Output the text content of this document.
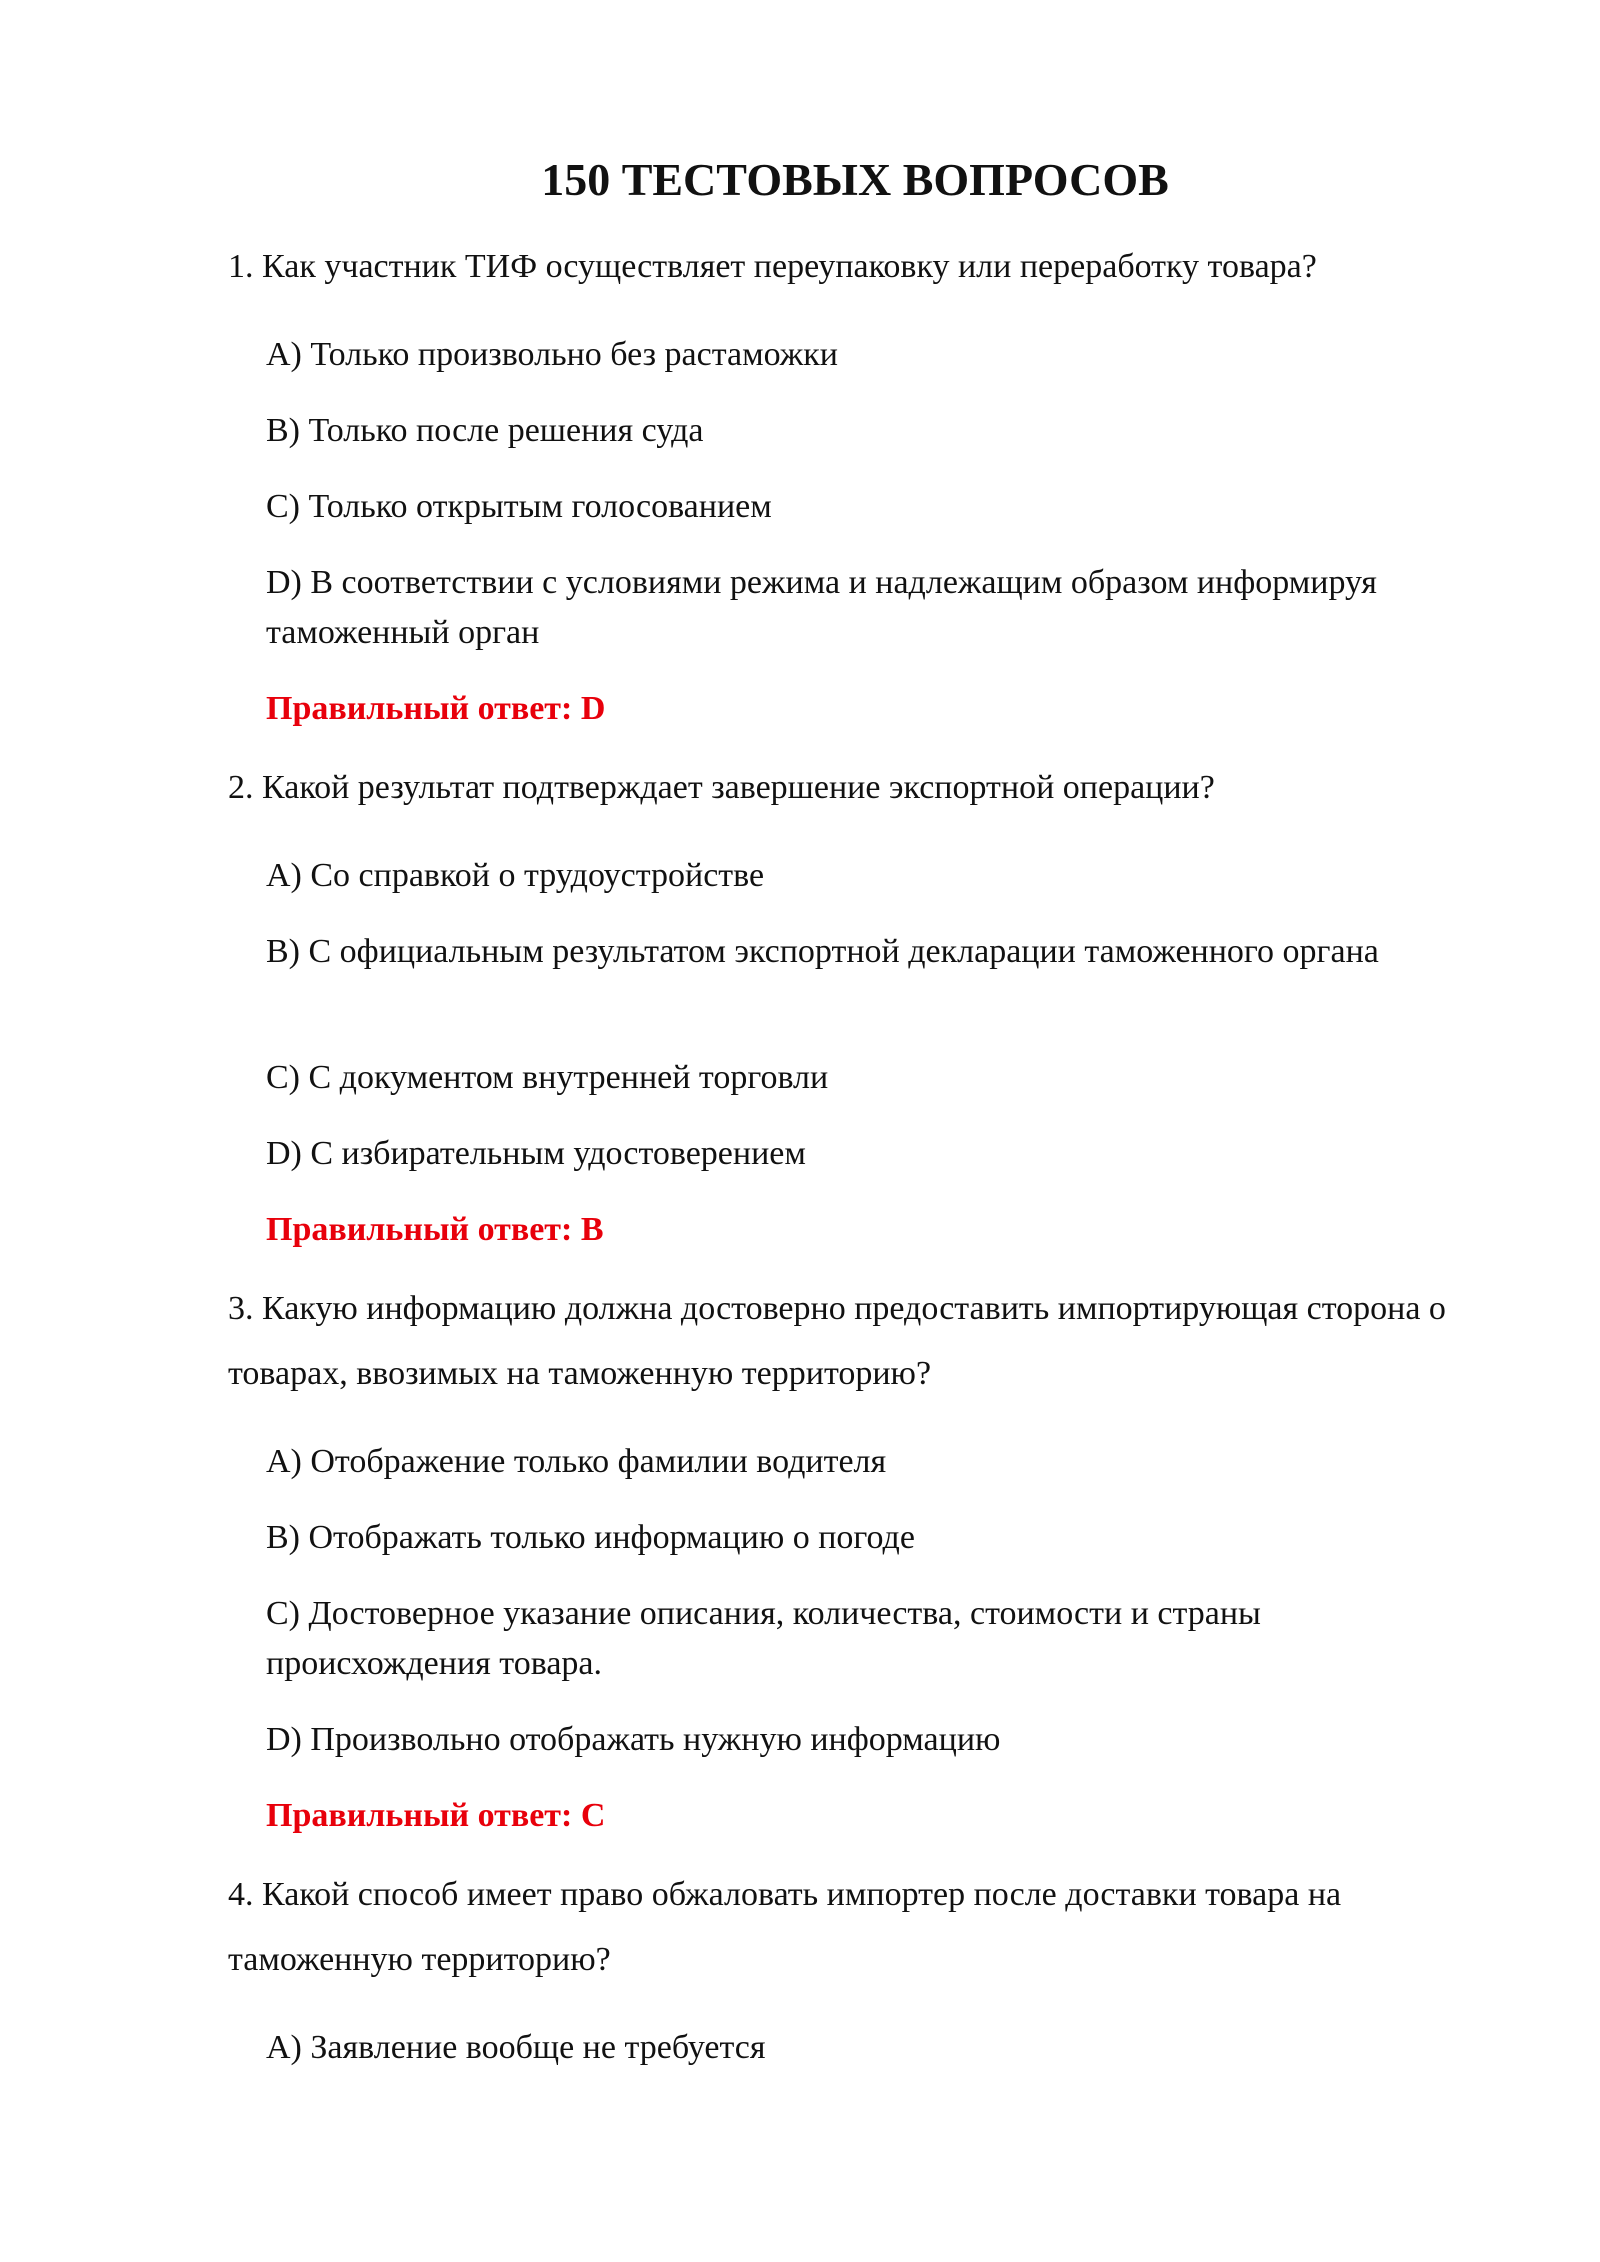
150 ТЕСТОВЫХ ВОПРОСОВ

1. Как участник ТИФ осуществляет переупаковку или переработку товара?

A) Только произвольно без растаможки

B) Только после решения суда

C) Только открытым голосованием

D) В соответствии с условиями режима и надлежащим образом информируя таможенный орган

Правильный ответ: D

2. Какой результат подтверждает завершение экспортной операции?

A) Со справкой о трудоустройстве

B) С официальным результатом экспортной декларации таможенного органа

C) С документом внутренней торговли

D) С избирательным удостоверением

Правильный ответ: B

3. Какую информацию должна достоверно предоставить импортирующая сторона о товарах, ввозимых на таможенную территорию?

A) Отображение только фамилии водителя

B) Отображать только информацию о погоде

C) Достоверное указание описания, количества, стоимости и страны происхождения товара.

D) Произвольно отображать нужную информацию

Правильный ответ: C

4. Какой способ имеет право обжаловать импортер после доставки товара на таможенную территорию?

A) Заявление вообще не требуется
